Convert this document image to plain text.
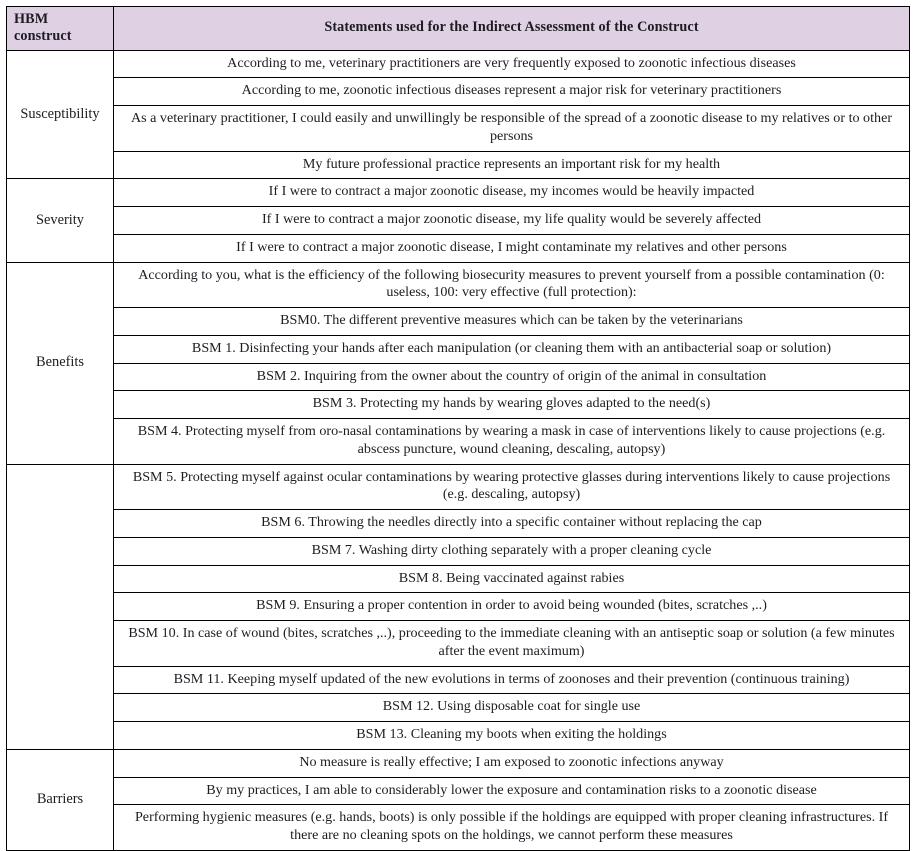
HBM construct	Statements used for the Indirect Assessment of the Construct
Susceptibility	According to me, veterinary practitioners are very frequently exposed to zoonotic infectious diseases

	According to me, zoonotic infectious diseases represent a major risk for veterinary practitioners

	As a veterinary practitioner, I could easily and unwillingly be responsible of the spread of a zoonotic disease to my relatives or to other persons

	My future professional practice represents an important risk for my health

Severity	If I were to contract a major zoonotic disease, my incomes would be heavily impacted

	If I were to contract a major zoonotic disease, my life quality would be severely affected

	If I were to contract a major zoonotic disease, I might contaminate my relatives and other persons

Benefits	According to you, what is the efficiency of the following biosecurity measures to prevent yourself from a possible contamination (0: useless, 100: very effective (full protection):

	BSM0. The different preventive measures which can be taken by the veterinarians

	BSM 1. Disinfecting your hands after each manipulation (or cleaning them with an antibacterial soap or solution)

	BSM 2. Inquiring from the owner about the country of origin of the animal in consultation

	BSM 3. Protecting my hands by wearing gloves adapted to the need(s)

	BSM 4. Protecting myself from oro-nasal contaminations by wearing a mask in case of interventions likely to cause projections (e.g. abscess puncture, wound cleaning, descaling, autopsy)

	BSM 5. Protecting myself against ocular contaminations by wearing protective glasses during interventions likely to cause projections (e.g. descaling, autopsy)

	BSM 6. Throwing the needles directly into a specific container without replacing the cap

	BSM 7. Washing dirty clothing separately with a proper cleaning cycle

	BSM 8. Being vaccinated against rabies

	BSM 9. Ensuring a proper contention in order to avoid being wounded (bites, scratches ,..)

	BSM 10. In case of wound (bites, scratches ,..), proceeding to the immediate cleaning with an antiseptic soap or solution (a few minutes after the event maximum)

	BSM 11. Keeping myself updated of the new evolutions in terms of zoonoses and their prevention (continuous training)

	BSM 12. Using disposable coat for single use

	BSM 13. Cleaning my boots when exiting the holdings

Barriers	No measure is really effective; I am exposed to zoonotic infections anyway

	By my practices, I am able to considerably lower the exposure and contamination risks to a zoonotic disease

	Performing hygienic measures (e.g. hands, boots) is only possible if the holdings are equipped with proper cleaning infrastructures. If there are no cleaning spots on the holdings, we cannot perform these measures
